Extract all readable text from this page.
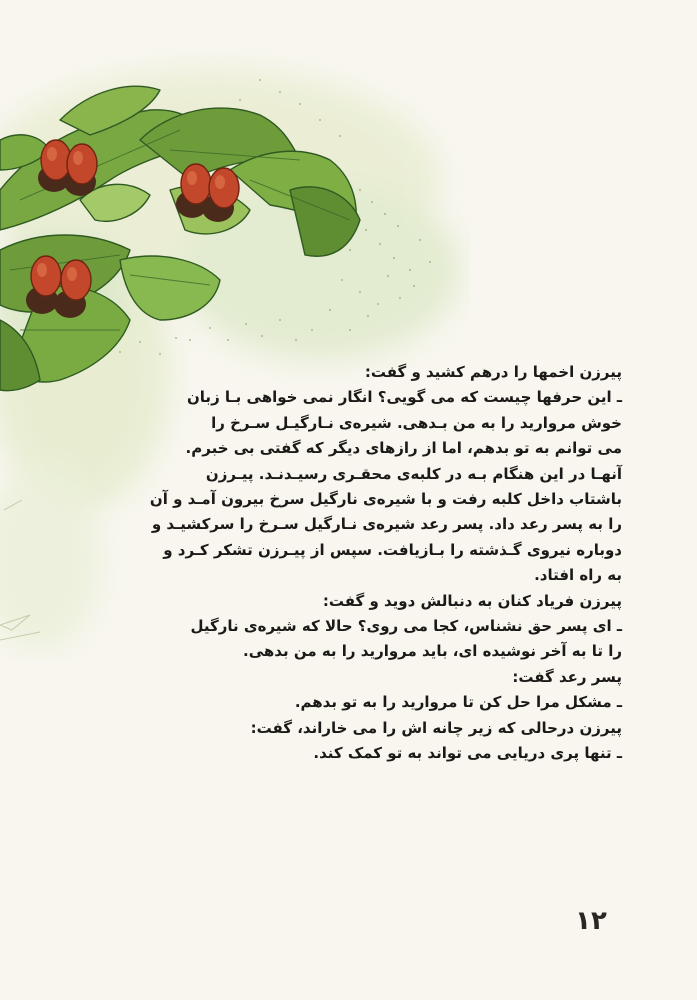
پیرزن اخمها را درهم کشید و گفت:

ـ این حرفها چیست که می گویی؟ انگار نمی خواهی بـا زبان

خوش مروارید را به من بـدهی. شیره‌ی نـارگیـل سـرخ را

می توانم به تو بدهم، اما از رازهای دیگر که گفتی بی خبرم.

آنهـا در این هنگام بـه در کلبه‌ی محقـری رسیـدنـد. پیـرزن

باشتاب داخل کلبه رفت و با شیره‌ی نارگیل سرخ بیرون آمـد و آن

را به پسر رعد داد. پسر رعد شیره‌ی نـارگیل سـرخ را سرکشیـد و

دوباره نیروی گـذشته را بـازیافت. سپس از پیـرزن تشکر کـرد و

به راه افتاد.

پیرزن فریاد کنان به دنبالش دوید و گفت:

ـ ای پسر حق نشناس، کجا می روی؟ حالا که شیره‌ی نارگیل

را تا به آخر نوشیده ای، باید مروارید را به من بدهی.

پسر رعد گفت:

ـ مشکل مرا حل کن تا مروارید را به تو بدهم.

پیرزن درحالی که زیر چانه اش را می خاراند، گفت:

ـ تنها پری دریایی می تواند به تو کمک کند.

۱۲
